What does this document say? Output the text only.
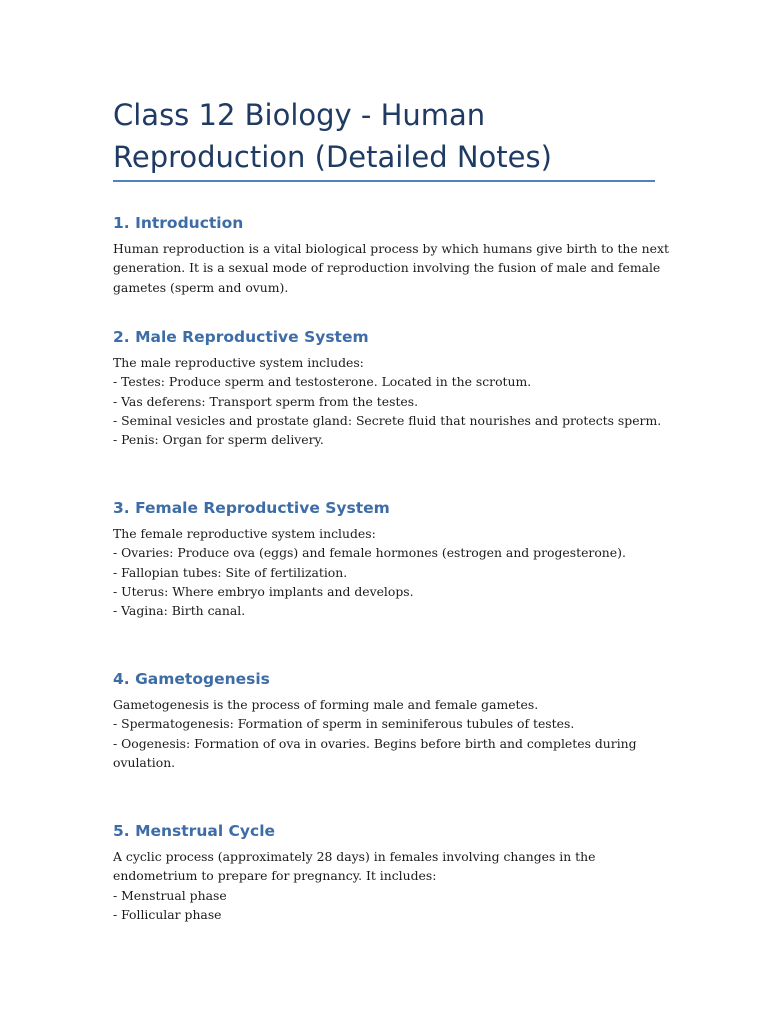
Class 12 Biology - Human Reproduction (Detailed Notes)
1. Introduction

Human reproduction is a vital biological process by which humans give birth to the next generation. It is a sexual mode of reproduction involving the fusion of male and female gametes (sperm and ovum).

2. Male Reproductive System

The male reproductive system includes:

- Testes: Produce sperm and testosterone. Located in the scrotum.
- Vas deferens: Transport sperm from the testes.
- Seminal vesicles and prostate gland: Secrete fluid that nourishes and protects sperm.
- Penis: Organ for sperm delivery.
3. Female Reproductive System

The female reproductive system includes:

- Ovaries: Produce ova (eggs) and female hormones (estrogen and progesterone).
- Fallopian tubes: Site of fertilization.
- Uterus: Where embryo implants and develops.
- Vagina: Birth canal.
4. Gametogenesis

Gametogenesis is the process of forming male and female gametes.

- Spermatogenesis: Formation of sperm in seminiferous tubules of testes.
- Oogenesis: Formation of ova in ovaries. Begins before birth and completes during ovulation.
5. Menstrual Cycle

A cyclic process (approximately 28 days) in females involving changes in the endometrium to prepare for pregnancy. It includes:

- Menstrual phase
- Follicular phase
